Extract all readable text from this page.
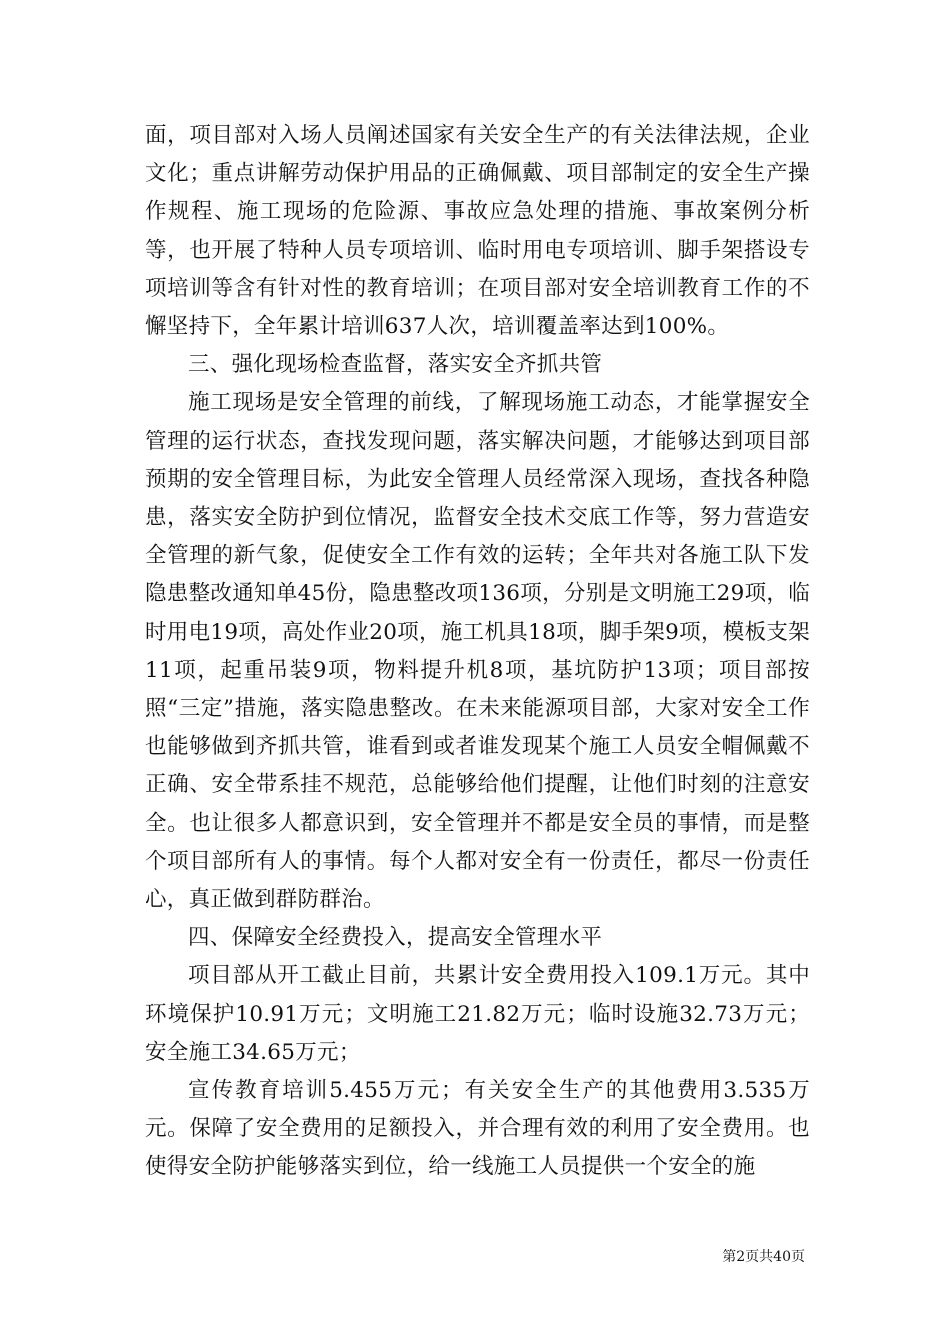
面，项目部对入场人员阐述国家有关安全生产的有关法律法规，企业文化；重点讲解劳动保护用品的正确佩戴、项目部制定的安全生产操作规程、施工现场的危险源、事故应急处理的措施、事故案例分析等，也开展了特种人员专项培训、临时用电专项培训、脚手架搭设专项培训等含有针对性的教育培训；在项目部对安全培训教育工作的不懈坚持下，全年累计培训637人次，培训覆盖率达到100%。

三、强化现场检查监督，落实安全齐抓共管

施工现场是安全管理的前线，了解现场施工动态，才能掌握安全管理的运行状态，查找发现问题，落实解决问题，才能够达到项目部预期的安全管理目标，为此安全管理人员经常深入现场，查找各种隐患，落实安全防护到位情况，监督安全技术交底工作等，努力营造安全管理的新气象，促使安全工作有效的运转；全年共对各施工队下发隐患整改通知单45份，隐患整改项136项，分别是文明施工29项，临时用电19项，高处作业20项，施工机具18项，脚手架9项，模板支架11项，起重吊装9项，物料提升机8项，基坑防护13项；项目部按照“三定”措施，落实隐患整改。在未来能源项目部，大家对安全工作也能够做到齐抓共管，谁看到或者谁发现某个施工人员安全帽佩戴不正确、安全带系挂不规范，总能够给他们提醒，让他们时刻的注意安全。也让很多人都意识到，安全管理并不都是安全员的事情，而是整个项目部所有人的事情。每个人都对安全有一份责任，都尽一份责任心，真正做到群防群治。

四、保障安全经费投入，提高安全管理水平

项目部从开工截止目前，共累计安全费用投入109.1万元。其中环境保护10.91万元；文明施工21.82万元；临时设施32.73万元；安全施工34.65万元；

宣传教育培训5.455万元；有关安全生产的其他费用3.535万元。保障了安全费用的足额投入，并合理有效的利用了安全费用。也使得安全防护能够落实到位，给一线施工人员提供一个安全的施

第2页共40页
